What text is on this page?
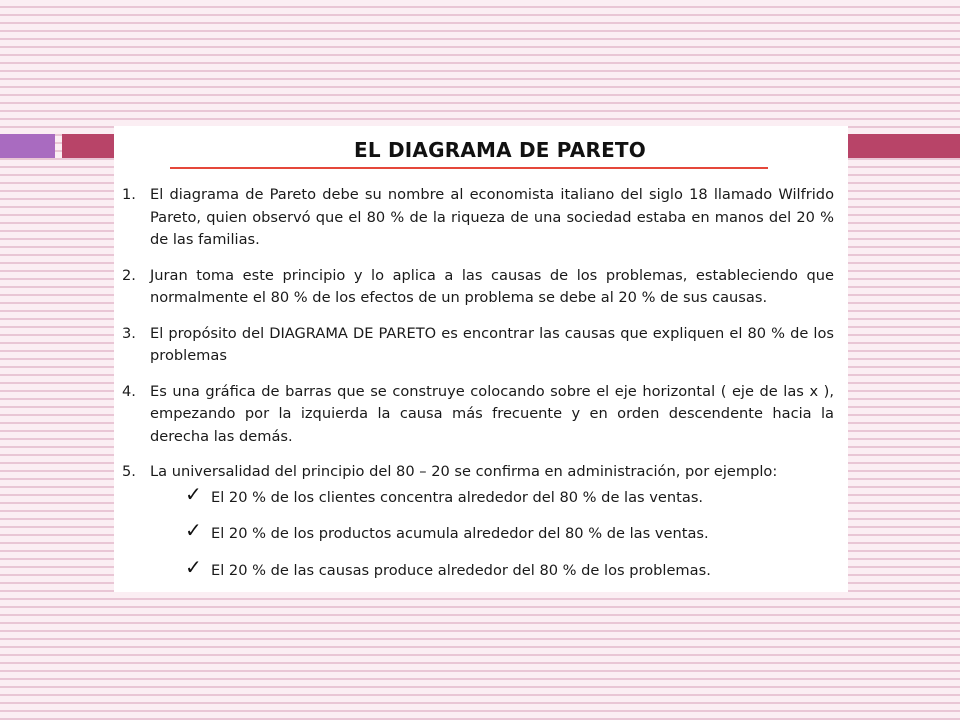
EL DIAGRAMA DE PARETO
1. El diagrama de Pareto debe su nombre al economista italiano del siglo 18 llamado Wilfrido Pareto, quien observó que el 80 % de la riqueza de una sociedad estaba en manos del 20 % de las familias.
2. Juran toma este principio y lo aplica a las causas de los problemas, estableciendo que normalmente el 80 % de los efectos de un problema se debe al 20 % de sus causas.
3. El propósito del DIAGRAMA DE PARETO es encontrar las causas que expliquen el 80 % de los problemas
4. Es una gráfica de barras que se construye colocando sobre el eje horizontal ( eje de las x ), empezando por la izquierda la causa más frecuente y en orden descendente hacia la derecha las demás.
5. La universalidad del principio del 80 – 20 se confirma en administración, por ejemplo:
✓ El 20 % de los clientes concentra alrededor del 80 % de las ventas.
✓ El 20 % de los productos acumula alrededor del 80 % de las ventas.
✓ El 20 % de las causas produce alrededor del 80 % de los problemas.
